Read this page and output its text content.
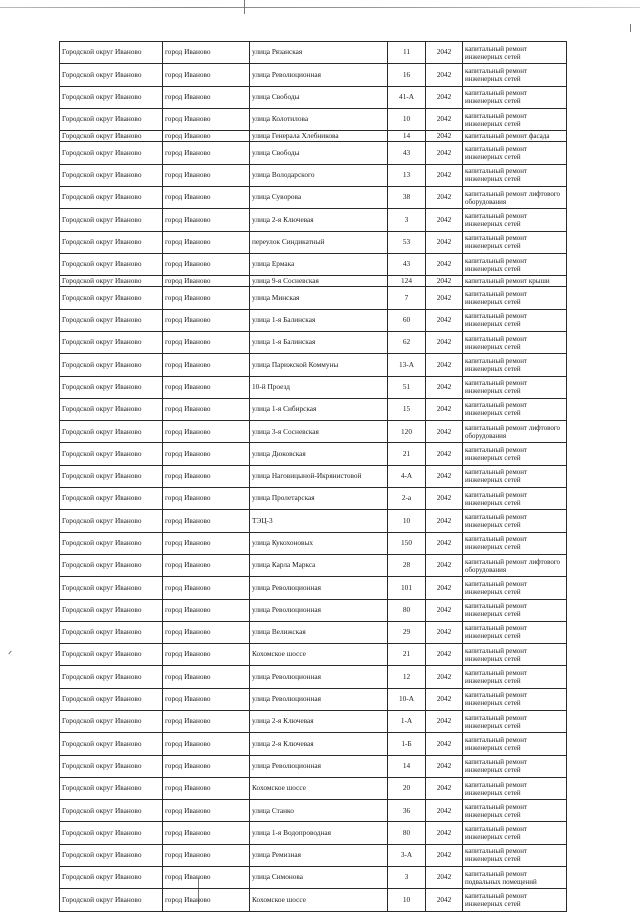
Городской округ Иваново	город Иваново	улица Рязанская	11	2042	капитальный ремонт инженерных сетей
Городской округ Иваново	город Иваново	улица Революционная	16	2042	капитальный ремонт инженерных сетей
Городской округ Иваново	город Иваново	улица Свободы	41-А	2042	капитальный ремонт инженерных сетей
Городской округ Иваново	город Иваново	улица Колотилова	10	2042	капитальный ремонт инженерных сетей
Городской округ Иваново	город Иваново	улица Генерала Хлебникова	14	2042	капитальный ремонт фасада
Городской округ Иваново	город Иваново	улица Свободы	43	2042	капитальный ремонт инженерных сетей
Городской округ Иваново	город Иваново	улица Володарского	13	2042	капитальный ремонт инженерных сетей
Городской округ Иваново	город Иваново	улица Суворова	38	2042	капитальный ремонт лифтового оборудования
Городской округ Иваново	город Иваново	улица 2-я Ключевая	3	2042	капитальный ремонт инженерных сетей
Городской округ Иваново	город Иваново	переулок Синдикатный	53	2042	капитальный ремонт инженерных сетей
Городской округ Иваново	город Иваново	улица Ермака	43	2042	капитальный ремонт инженерных сетей
Городской округ Иваново	город Иваново	улица 9-я Сосневская	124	2042	капитальный ремонт крыши
Городской округ Иваново	город Иваново	улица Минская	7	2042	капитальный ремонт инженерных сетей
Городской округ Иваново	город Иваново	улица 1-я Балинская	60	2042	капитальный ремонт инженерных сетей
Городской округ Иваново	город Иваново	улица 1-я Балинская	62	2042	капитальный ремонт инженерных сетей
Городской округ Иваново	город Иваново	улица Парижской Коммуны	13-А	2042	капитальный ремонт инженерных сетей
Городской округ Иваново	город Иваново	10-й Проезд	51	2042	капитальный ремонт инженерных сетей
Городской округ Иваново	город Иваново	улица 1-я Сибирская	15	2042	капитальный ремонт инженерных сетей
Городской округ Иваново	город Иваново	улица 3-я Сосневская	120	2042	капитальный ремонт лифтового оборудования
Городской округ Иваново	город Иваново	улица Дюковская	21	2042	капитальный ремонт инженерных сетей
Городской округ Иваново	город Иваново	улица Наговицыной-Икрянистовой	4-А	2042	капитальный ремонт инженерных сетей
Городской округ Иваново	город Иваново	улица Пролетарская	2-а	2042	капитальный ремонт инженерных сетей
Городской округ Иваново	город Иваново	ТЭЦ-3	10	2042	капитальный ремонт инженерных сетей
Городской округ Иваново	город Иваново	улица Кукохоновых	150	2042	капитальный ремонт инженерных сетей
Городской округ Иваново	город Иваново	улица Карла Маркса	28	2042	капитальный ремонт лифтового оборудования
Городской округ Иваново	город Иваново	улица Революционная	101	2042	капитальный ремонт инженерных сетей
Городской округ Иваново	город Иваново	улица Революционная	80	2042	капитальный ремонт инженерных сетей
Городской округ Иваново	город Иваново	улица Велижская	29	2042	капитальный ремонт инженерных сетей
Городской округ Иваново	город Иваново	Кохомское шоссе	21	2042	капитальный ремонт инженерных сетей
Городской округ Иваново	город Иваново	улица Революционная	12	2042	капитальный ремонт инженерных сетей
Городской округ Иваново	город Иваново	улица Революционная	10-А	2042	капитальный ремонт инженерных сетей
Городской округ Иваново	город Иваново	улица 2-я Ключевая	1-А	2042	капитальный ремонт инженерных сетей
Городской округ Иваново	город Иваново	улица 2-я Ключевая	1-Б	2042	капитальный ремонт инженерных сетей
Городской округ Иваново	город Иваново	улица Революционная	14	2042	капитальный ремонт инженерных сетей
Городской округ Иваново	город Иваново	Кохомское шоссе	20	2042	капитальный ремонт инженерных сетей
Городской округ Иваново	город Иваново	улица Станко	36	2042	капитальный ремонт инженерных сетей
Городской округ Иваново	город Иваново	улица 1-я Водопроводная	80	2042	капитальный ремонт инженерных сетей
Городской округ Иваново	город Иваново	улица Ремизная	3-А	2042	капитальный ремонт инженерных сетей
Городской округ Иваново	город Иваново	улица Симонова	3	2042	капитальный ремонт подвальных помещений
Городской округ Иваново	город Иваново	Кохомское шоссе	10	2042	капитальный ремонт инженерных сетей
